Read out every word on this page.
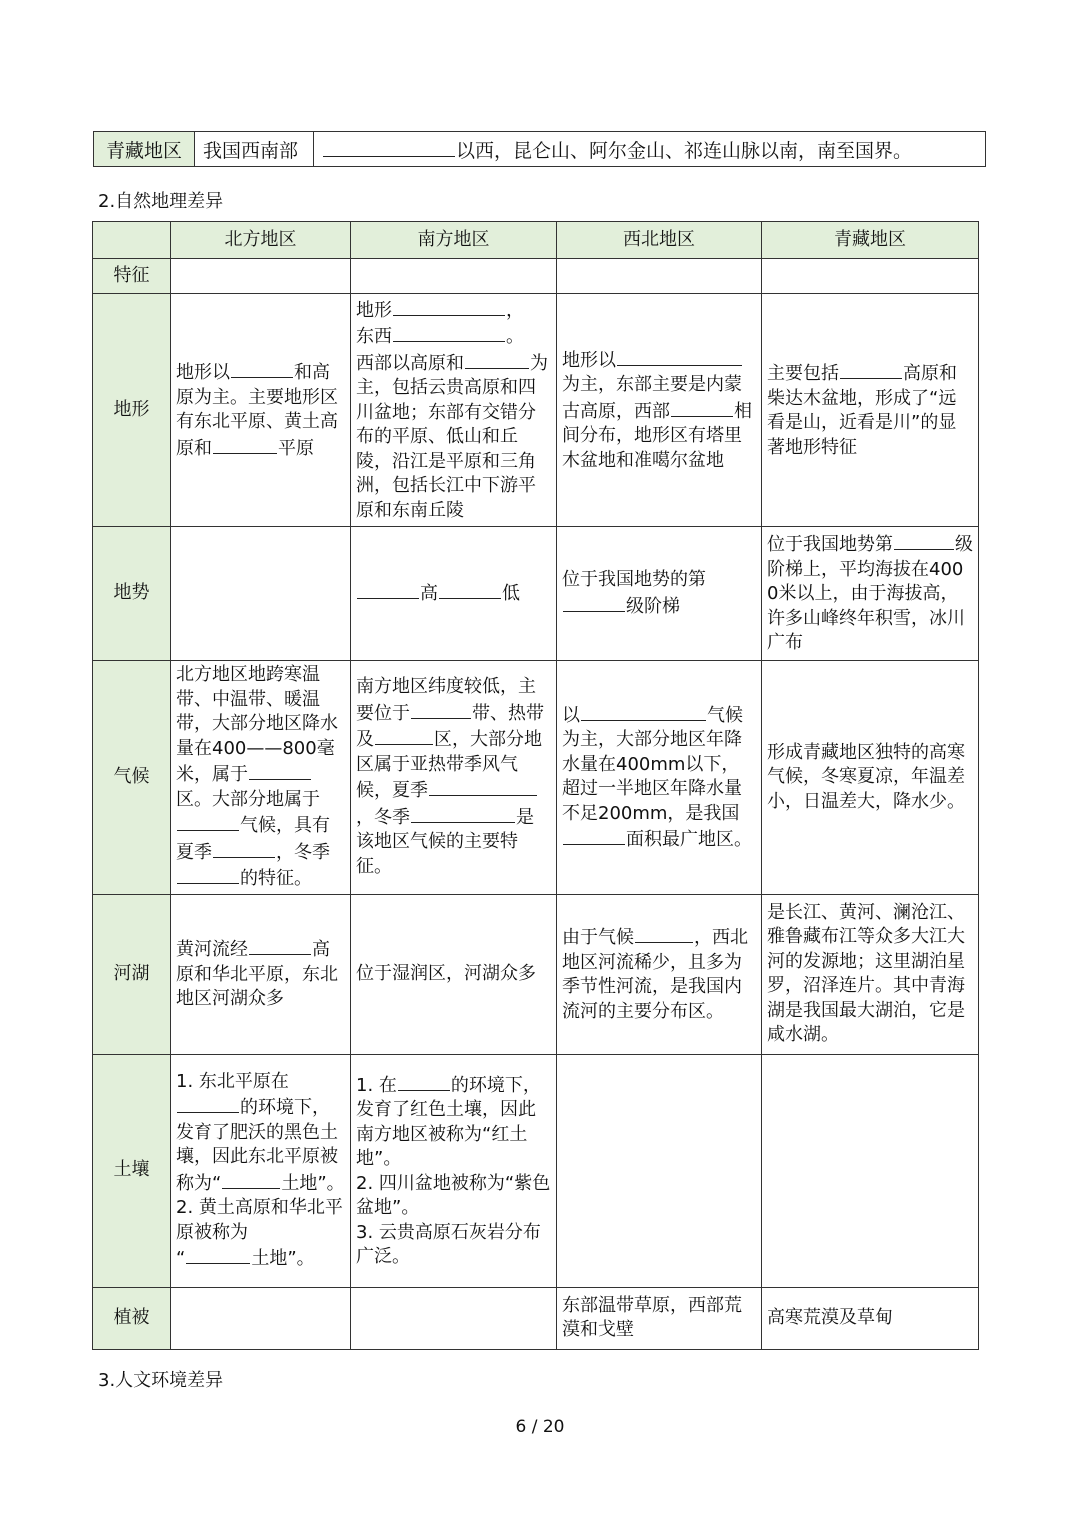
青藏地区	我国西南部	以西，昆仑山、阿尔金山、祁连山脉以南，南至国界。
2.自然地理差异
	北方地区	南方地区	西北地区	青藏地区
特征				
地形	地形以 和高原为主。主要地形区有东北平原、黄土高原和 平原	地形 ，
东西 。
西部以高原和 为主，包括云贵高原和四川盆地；东部有交错分布的平原、低山和丘陵，沿江是平原和三角洲，包括长江中下游平原和东南丘陵	地形以为主，东部主要是内蒙古高原，西部 相间分布，地形区有塔里木盆地和准噶尔盆地	主要包括 高原和柴达木盆地，形成了“远看是山，近看是川”的显著地形特征
地势		高 低	位于我国地势的第
级阶梯	位于我国地势第 级阶梯上，平均海拔在4000米以上，由于海拔高，许多山峰终年积雪，冰川广布
气候	北方地区地跨寒温带、中温带、暖温带，大部分地区降水量在400——800毫米，属于区。大部分地属于气候，具有夏季 ，冬季的特征。	南方地区纬度较低，主要位于 带、热带及 区，大部分地区属于亚热带季风气候，夏季，冬季 是该地区气候的主要特征。	以 气候为主，大部分地区年降水量在400mm以下，超过一半地区年降水量不足200mm，是我国面积最广地区。	形成青藏地区独特的高寒气候，冬寒夏凉，年温差小，日温差大，降水少。
河湖	黄河流经 高原和华北平原，东北地区河湖众多	位于湿润区，河湖众多	由于气候 ，西北地区河流稀少，且多为季节性河流，是我国内流河的主要分布区。	是长江、黄河、澜沧江、雅鲁藏布江等众多大江大河的发源地；这里湖泊星罗，沼泽连片。其中青海湖是我国最大湖泊，它是咸水湖。
土壤	1. 东北平原在的环境下，发育了肥沃的黑色土壤，因此东北平原被称为“ 土地”。
2. 黄土高原和华北平原被称为
“ 土地”。	1. 在 的环境下，发育了红色土壤，因此南方地区被称为“红土地”。
2. 四川盆地被称为“紫色盆地”。
3. 云贵高原石灰岩分布广泛。		
植被			东部温带草原，西部荒漠和戈壁	高寒荒漠及草甸
3.人文环境差异
6 / 20
